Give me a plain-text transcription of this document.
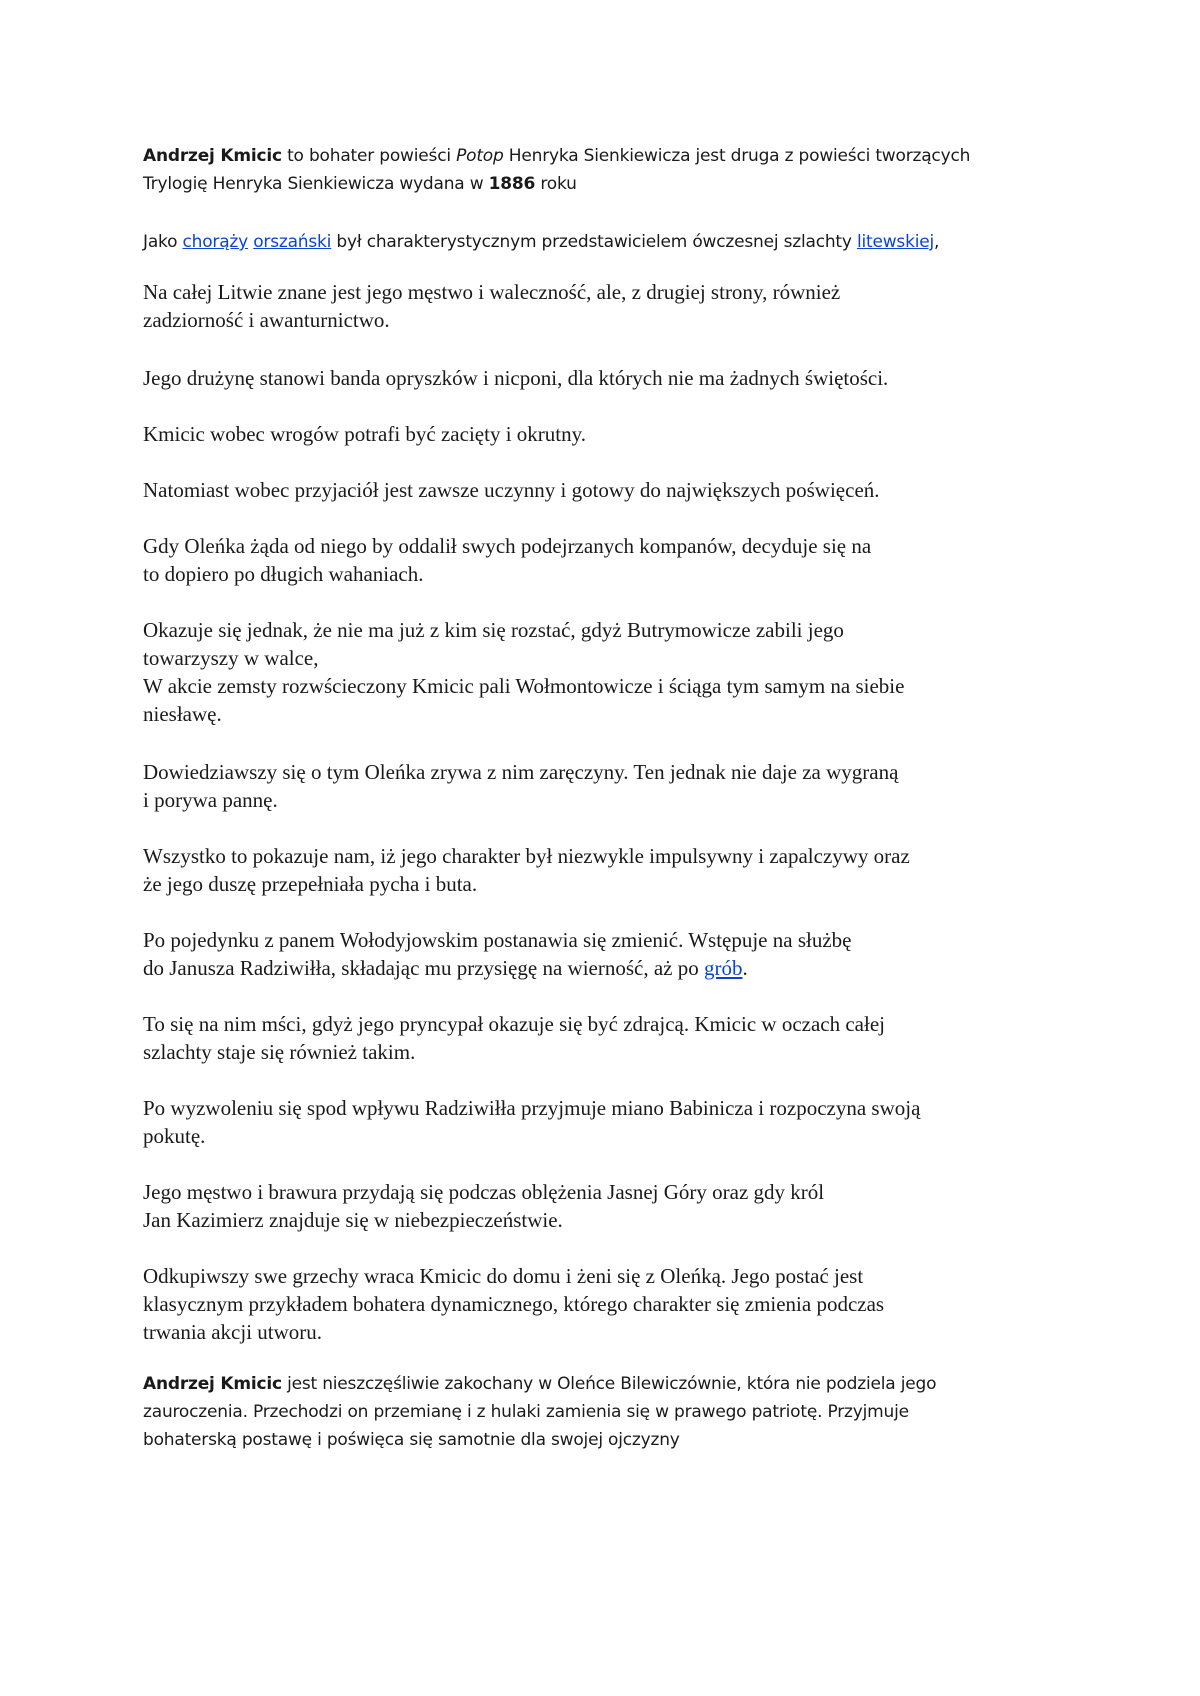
Andrzej Kmicic to bohater powieści Potop Henryka Sienkiewicza jest druga z powieści tworzących
Trylogię Henryka Sienkiewicza wydana w 1886 roku

Jako chorąży orszański był charakterystycznym przedstawicielem ówczesnej szlachty litewskiej,

Na całej Litwie znane jest jego męstwo i waleczność, ale, z drugiej strony, również
zadziorność i awanturnictwo.

Jego drużynę stanowi banda opryszków i nicponi, dla których nie ma żadnych świętości.

Kmicic wobec wrogów potrafi być zacięty i okrutny.

Natomiast wobec przyjaciół jest zawsze uczynny i gotowy do największych poświęceń.

Gdy Oleńka żąda od niego by oddalił swych podejrzanych kompanów, decyduje się na
to dopiero po długich wahaniach.

Okazuje się jednak, że nie ma już z kim się rozstać, gdyż Butrymowicze zabili jego
towarzyszy w walce,
W akcie zemsty rozwścieczony Kmicic pali Wołmontowicze i ściąga tym samym na siebie
niesławę.

Dowiedziawszy się o tym Oleńka zrywa z nim zaręczyny. Ten jednak nie daje za wygraną
i porywa pannę.

Wszystko to pokazuje nam, iż jego charakter był niezwykle impulsywny i zapalczywy oraz
że jego duszę przepełniała pycha i buta.

Po pojedynku z panem Wołodyjowskim postanawia się zmienić. Wstępuje na służbę
do Janusza Radziwiłła, składając mu przysięgę na wierność, aż po grób.

To się na nim mści, gdyż jego pryncypał okazuje się być zdrajcą. Kmicic w oczach całej
szlachty staje się również takim.

Po wyzwoleniu się spod wpływu Radziwiłła przyjmuje miano Babinicza i rozpoczyna swoją
pokutę.

Jego męstwo i brawura przydają się podczas oblężenia Jasnej Góry oraz gdy król
Jan Kazimierz znajduje się w niebezpieczeństwie.

Odkupiwszy swe grzechy wraca Kmicic do domu i żeni się z Oleńką. Jego postać jest
klasycznym przykładem bohatera dynamicznego, którego charakter się zmienia podczas
trwania akcji utworu.

Andrzej Kmicic jest nieszczęśliwie zakochany w Oleńce Bilewiczównie, która nie podziela jego
zauroczenia. Przechodzi on przemianę i z hulaki zamienia się w prawego patriotę. Przyjmuje
bohaterską postawę i poświęca się samotnie dla swojej ojczyzny
